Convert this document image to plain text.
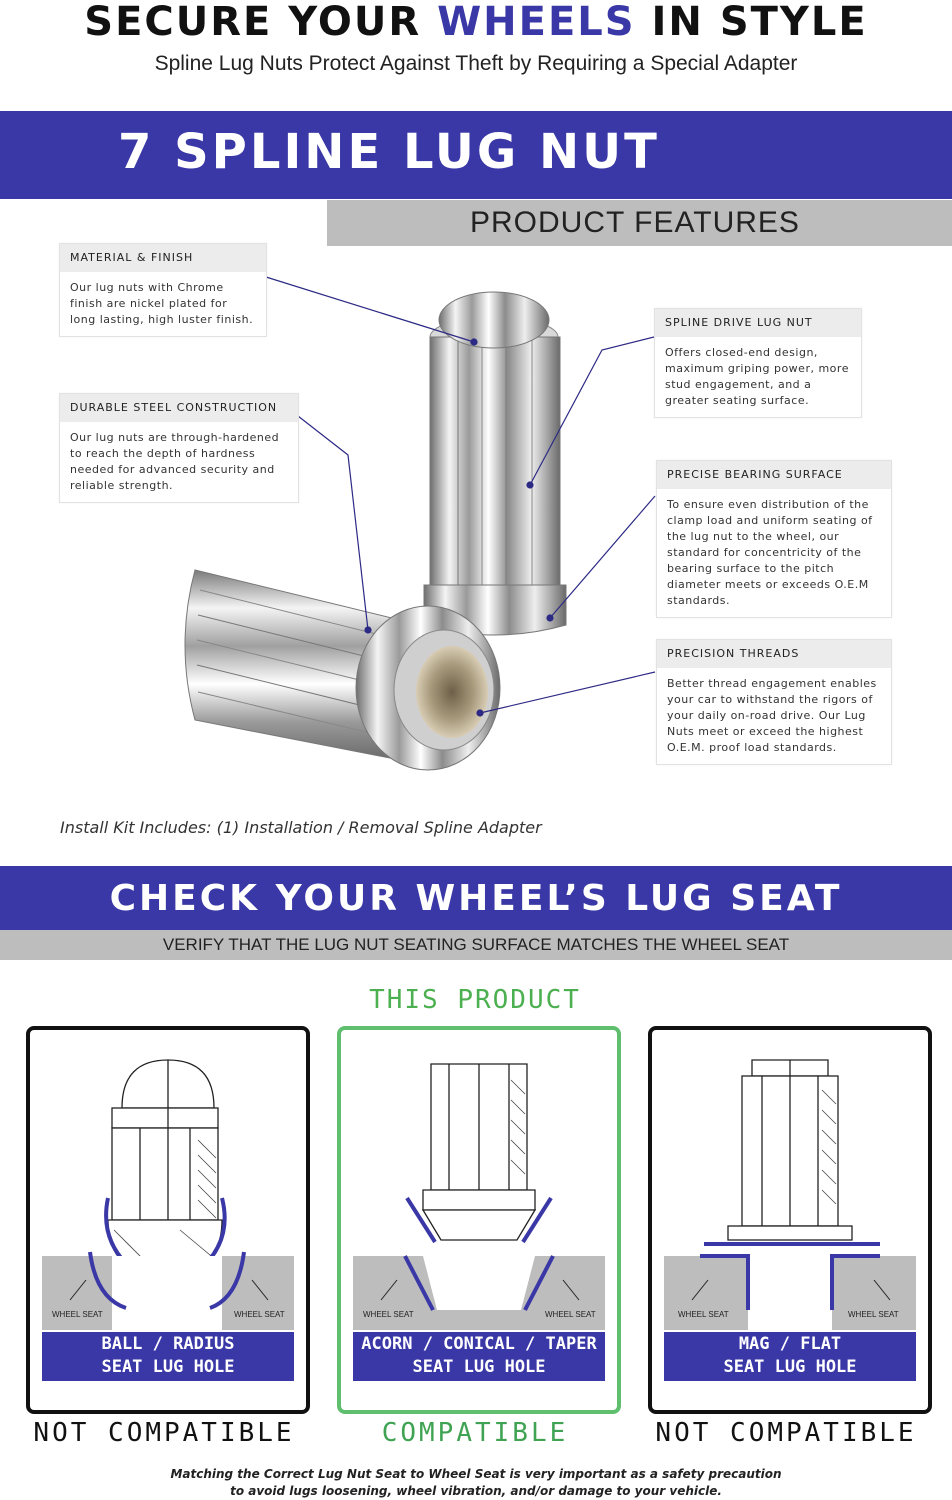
SECURE YOUR WHEELS IN STYLE
Spline Lug Nuts Protect Against Theft by Requiring a Special Adapter
7 SPLINE LUG NUT
PRODUCT FEATURES
MATERIAL & FINISH
Our lug nuts with Chrome finish are nickel plated for long lasting, high luster finish.
DURABLE STEEL CONSTRUCTION
Our lug nuts are through-hardened to reach the depth of hardness needed for advanced security and reliable strength.
SPLINE DRIVE LUG NUT
Offers closed-end design, maximum griping power, more stud engagement, and a greater seating surface.
PRECISE BEARING SURFACE
To ensure even distribution of the clamp load and uniform seating of the lug nut to the wheel, our standard for concentricity of the bearing surface to the pitch diameter meets or exceeds O.E.M standards.
PRECISION THREADS
Better thread engagement enables your car to withstand the rigors of your daily on-road drive. Our Lug Nuts meet or exceed the highest O.E.M. proof load standards.
Install Kit Includes: (1) Installation / Removal Spline Adapter
CHECK YOUR WHEEL’S LUG SEAT
VERIFY THAT THE LUG NUT SEATING SURFACE MATCHES THE WHEEL SEAT
THIS PRODUCT
WHEEL SEAT	WHEEL SEAT
BALL / RADIUS
SEAT LUG HOLE
WHEEL SEAT	WHEEL SEAT
ACORN / CONICAL / TAPER
SEAT LUG HOLE
WHEEL SEAT	WHEEL SEAT
MAG / FLAT
SEAT LUG HOLE
NOT COMPATIBLE	COMPATIBLE	NOT COMPATIBLE
Matching the Correct Lug Nut Seat to Wheel Seat is very important as a safety precaution
to avoid lugs loosening, wheel vibration, and/or damage to your vehicle.
